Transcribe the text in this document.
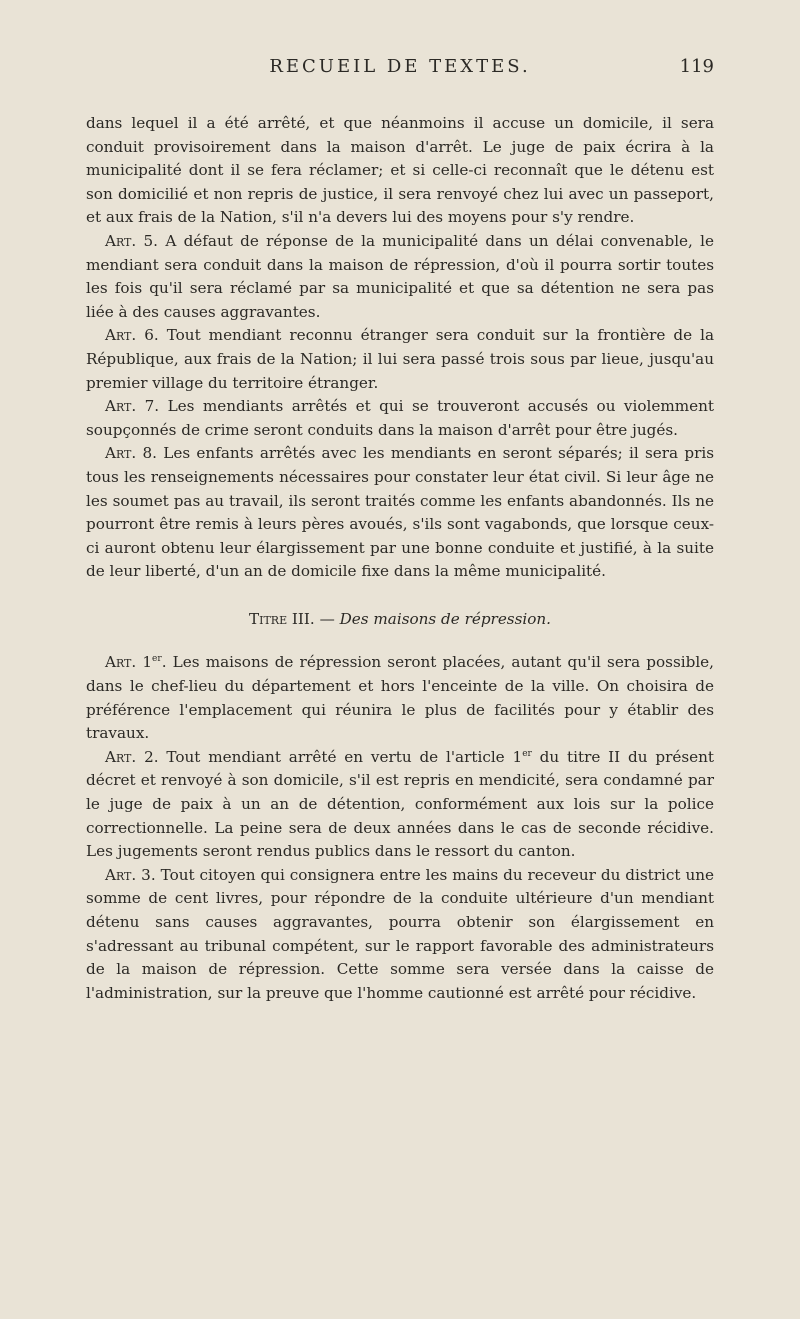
RECUEIL DE TEXTES.	119

dans lequel il a été arrêté, et que néanmoins il accuse un domicile, il sera conduit provisoirement dans la maison d'arrêt. Le juge de paix écrira à la municipalité dont il se fera réclamer; et si celle-ci reconnaît que le détenu est son domicilié et non repris de justice, il sera renvoyé chez lui avec un passeport, et aux frais de la Nation, s'il n'a devers lui des moyens pour s'y rendre.

Art. 5. A défaut de réponse de la municipalité dans un délai convenable, le mendiant sera conduit dans la maison de répression, d'où il pourra sortir toutes les fois qu'il sera réclamé par sa municipalité et que sa détention ne sera pas liée à des causes aggravantes.

Art. 6. Tout mendiant reconnu étranger sera conduit sur la frontière de la République, aux frais de la Nation; il lui sera passé trois sous par lieue, jusqu'au premier village du territoire étranger.

Art. 7. Les mendiants arrêtés et qui se trouveront accusés ou violemment soupçonnés de crime seront conduits dans la maison d'arrêt pour être jugés.

Art. 8. Les enfants arrêtés avec les mendiants en seront séparés; il sera pris tous les renseignements nécessaires pour constater leur état civil. Si leur âge ne les soumet pas au travail, ils seront traités comme les enfants abandonnés. Ils ne pourront être remis à leurs pères avoués, s'ils sont vagabonds, que lorsque ceux-ci auront obtenu leur élargissement par une bonne conduite et justifié, à la suite de leur liberté, d'un an de domicile fixe dans la même municipalité.

Titre III. — Des maisons de répression.

Art. 1er. Les maisons de répression seront placées, autant qu'il sera possible, dans le chef-lieu du département et hors l'enceinte de la ville. On choisira de préférence l'emplacement qui réunira le plus de facilités pour y établir des travaux.

Art. 2. Tout mendiant arrêté en vertu de l'article 1er du titre II du présent décret et renvoyé à son domicile, s'il est repris en mendicité, sera condamné par le juge de paix à un an de détention, conformément aux lois sur la police correctionnelle. La peine sera de deux années dans le cas de seconde récidive. Les jugements seront rendus publics dans le ressort du canton.

Art. 3. Tout citoyen qui consignera entre les mains du receveur du district une somme de cent livres, pour répondre de la conduite ultérieure d'un mendiant détenu sans causes aggravantes, pourra obtenir son élargissement en s'adressant au tribunal compétent, sur le rapport favorable des administrateurs de la maison de répression. Cette somme sera versée dans la caisse de l'administration, sur la preuve que l'homme cautionné est arrêté pour récidive.
